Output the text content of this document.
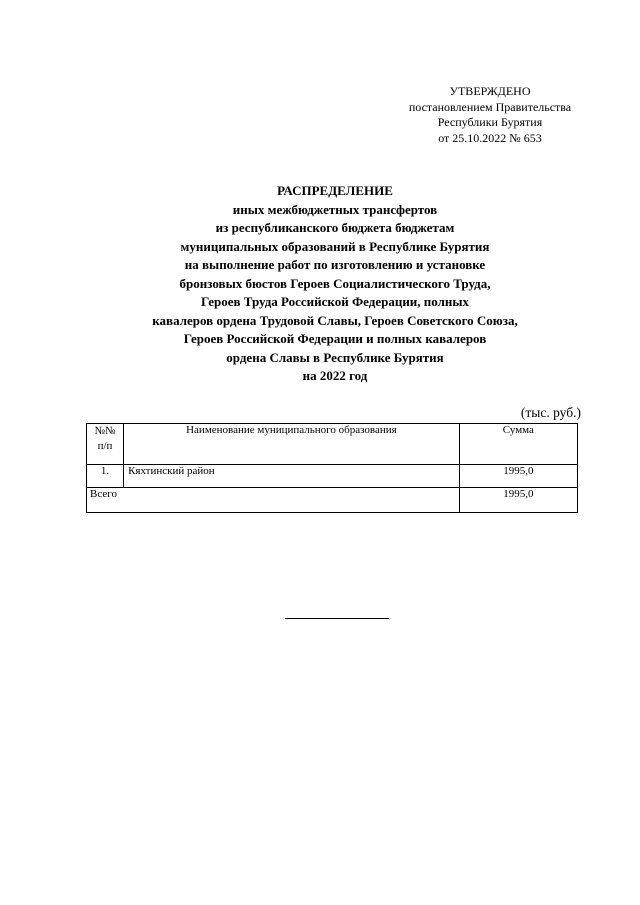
УТВЕРЖДЕНО
постановлением Правительства
Республики Бурятия
от 25.10.2022 № 653
РАСПРЕДЕЛЕНИЕ
иных межбюджетных трансфертов
из республиканского бюджета бюджетам
муниципальных образований в Республике Бурятия
на выполнение работ по изготовлению и установке
бронзовых бюстов Героев Социалистического Труда,
Героев Труда Российской Федерации, полных
кавалеров ордена Трудовой Славы, Героев Советского Союза,
Героев Российской Федерации и полных кавалеров
ордена Славы в Республике Бурятия
на 2022 год
(тыс. руб.)
№№
п/п	Наименование муниципального образования	Сумма
1.	Кяхтинский район	1995,0
Всего		1995,0
